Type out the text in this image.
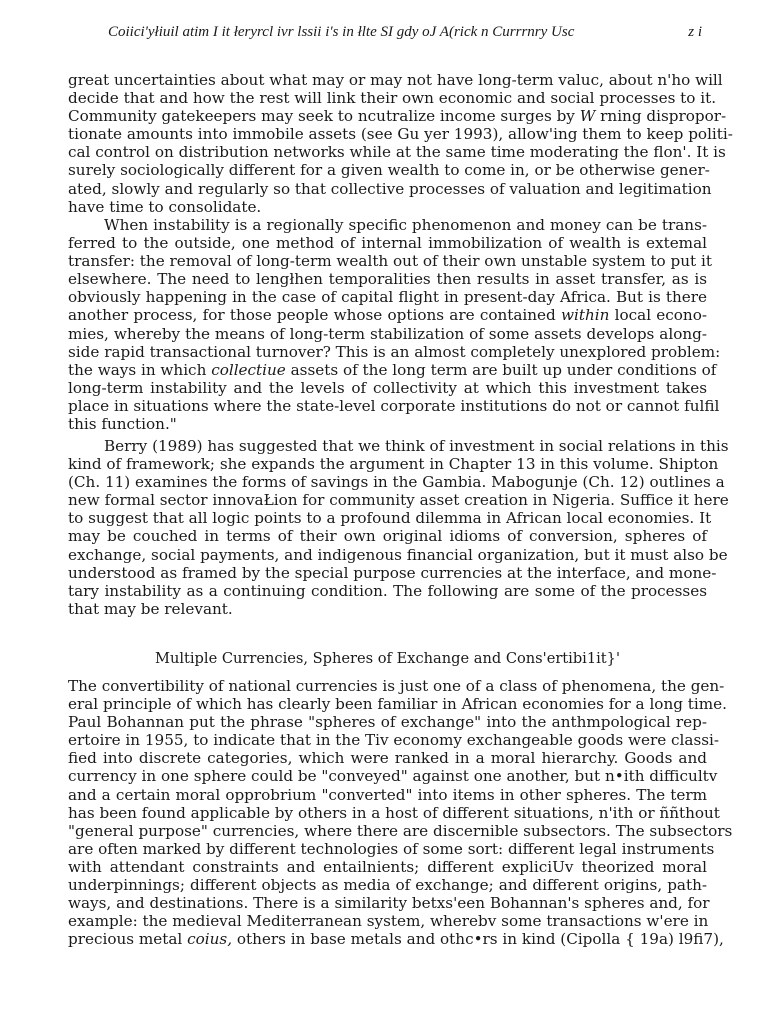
Coiici'yłiuil atim I it łeryrcl ivr lssii i's in łlte SI gdy oJ A(rick n Currrnry Usc	z i
great uncertainties about what may or may not have long-term valuc, about n'ho will
decide that and how the rest will link their own economic and social processes to it.
Community gatekeepers may seek to ncutralize income surges by W rning dispropor-
tionate amounts into immobile assets (see Gu yer 1993), allow'ing them to keep politi-
cal control on distribution networks while at the same time moderating the flon'. It is
surely sociologically different for a given wealth to come in, or be otherwise gener-
ated, slowly and regularly so that collective processes of valuation and legitimation
have time to consolidate.
When instability is a regionally specific phenomenon and money can be trans-
ferred to the outside, one method of internal immobilization of wealth is extemal
transfer: the removal of long-term wealth out of their own unstable system to put it
elsewhere. The need to lengłhen temporalities then results in asset transfer, as is
obviously happening in the case of capital flight in present-day Africa. But is there
another process, for those people whose options are contained within local econo-
mies, whereby the means of long-term stabilization of some assets develops along-
side rapid transactional turnover? This is an almost completely unexplored problem:
the ways in which collectiue assets of the long term are built up under conditions of
long-term instability and the levels of collectivity at which this investment takes
place in situations where the state-level corporate institutions do not or cannot fulfil
this function."
Berry (1989) has suggested that we think of investment in social relations in this
kind of framework; she expands the argument in Chapter 13 in this volume. Shipton
(Ch. 11) examines the forms of savings in the Gambia. Mabogunje (Ch. 12) outlines a
new formal sector innovaŁion for community asset creation in Nigeria. Suffice it here
to suggest that all logic points to a profound dilemma in African local economies. It
may be couched in terms of their own original idioms of conversion, spheres of
exchange, social payments, and indigenous financial organization, but it must also be
understood as framed by the special purpose currencies at the interface, and mone-
tary instability as a continuing condition. The following are some of the processes
that may be relevant.
Multiple Currencies, Spheres of Exchange and Cons'ertibi1it}'
The convertibility of national currencies is just one of a class of phenomena, the gen-
eral principle of which has clearly been familiar in African economies for a long time.
Paul Bohannan put the phrase "spheres of exchange" into the anthmpological rep-
ertoire in 1955, to indicate that in the Tiv economy exchangeable goods were classi-
fied into discrete categories, which were ranked in a moral hierarchy. Goods and
currency in one sphere could be "conveyed" against one another, but n•ith difficultv
and a certain moral opprobrium "converted" into items in other spheres. The term
has been found applicable by others in a host of different situations, n'ith or ññthout
"general purpose" currencies, where there are discernible subsectors. The subsectors
are often marked by different technologies of some sort: different legal instruments
with attendant constraints and entailnients; different expliciUv theorized moral
underpinnings; different objects as media of exchange; and different origins, path-
ways, and destinations. There is a similarity betxs'een Bohannan's spheres and, for
example: the medieval Mediterranean system, wherebv some transactions w'ere in
precious metal coius, others in base metals and othc•rs in kind (Cipolla { 19a) l9fi7),
